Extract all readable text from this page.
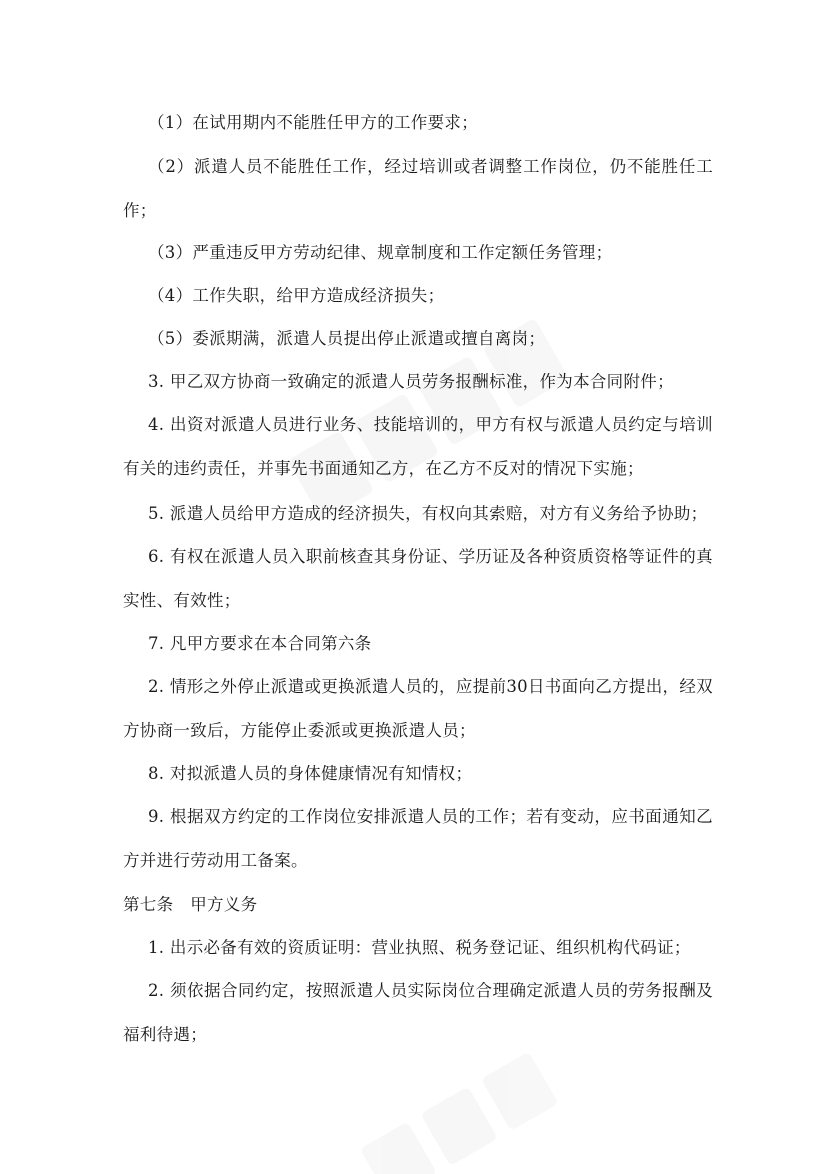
（1）在试用期内不能胜任甲方的工作要求；

（2）派遣人员不能胜任工作，经过培训或者调整工作岗位，仍不能胜任工作；

（3）严重违反甲方劳动纪律、规章制度和工作定额任务管理；

（4）工作失职，给甲方造成经济损失；

（5）委派期满，派遣人员提出停止派遣或擅自离岗；

3. 甲乙双方协商一致确定的派遣人员劳务报酬标准，作为本合同附件；

4. 出资对派遣人员进行业务、技能培训的，甲方有权与派遣人员约定与培训有关的违约责任，并事先书面通知乙方，在乙方不反对的情况下实施；

5. 派遣人员给甲方造成的经济损失，有权向其索赔，对方有义务给予协助；

6. 有权在派遣人员入职前核查其身份证、学历证及各种资质资格等证件的真实性、有效性；

7. 凡甲方要求在本合同第六条

2. 情形之外停止派遣或更换派遣人员的，应提前30日书面向乙方提出，经双方协商一致后，方能停止委派或更换派遣人员；

8. 对拟派遣人员的身体健康情况有知情权；

9. 根据双方约定的工作岗位安排派遣人员的工作；若有变动，应书面通知乙方并进行劳动用工备案。

第七条　甲方义务

1. 出示必备有效的资质证明：营业执照、税务登记证、组织机构代码证；

2. 须依据合同约定，按照派遣人员实际岗位合理确定派遣人员的劳务报酬及福利待遇；
